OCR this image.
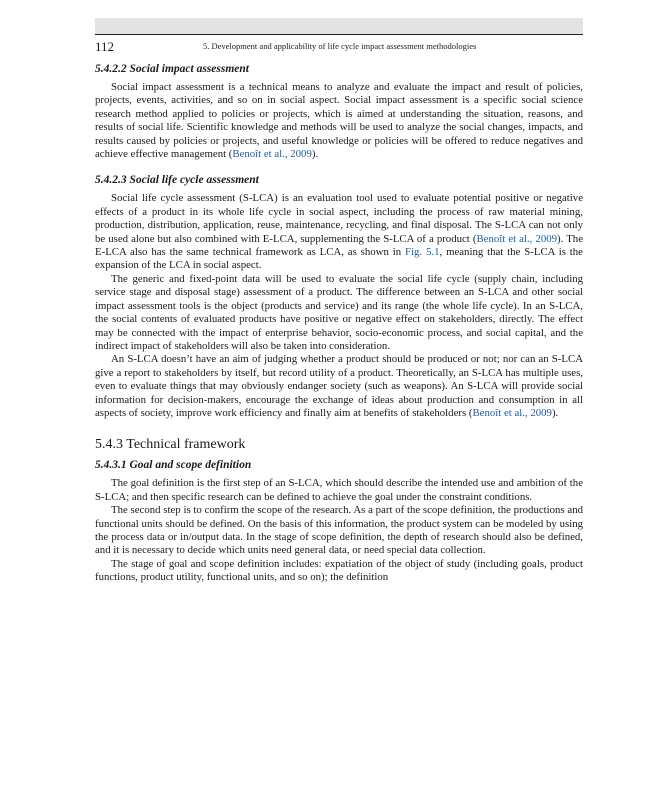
112	5. Development and applicability of life cycle impact assessment methodologies
5.4.2.2 Social impact assessment

Social impact assessment is a technical means to analyze and evaluate the impact and result of policies, projects, events, activities, and so on in social aspect. Social impact assessment is a specific social science research method applied to policies or projects, which is aimed at understanding the situation, reasons, and results of social life. Scientific knowledge and methods will be used to analyze the social changes, impacts, and results caused by policies or projects, and useful knowledge or policies will be offered to reduce negatives and achieve effective management (Benoît et al., 2009).

5.4.2.3 Social life cycle assessment

Social life cycle assessment (S-LCA) is an evaluation tool used to evaluate potential positive or negative effects of a product in its whole life cycle in social aspect, including the process of raw material mining, production, distribution, application, reuse, maintenance, recycling, and final disposal. The S-LCA can not only be used alone but also combined with E-LCA, supplementing the S-LCA of a product (Benoît et al., 2009). The E-LCA also has the same technical framework as LCA, as shown in Fig. 5.1, meaning that the S-LCA is the expansion of the LCA in social aspect.

The generic and fixed-point data will be used to evaluate the social life cycle (supply chain, including service stage and disposal stage) assessment of a product. The difference between an S-LCA and other social impact assessment tools is the object (products and service) and its range (the whole life cycle). In an S-LCA, the social contents of evaluated products have positive or negative effect on stakeholders, directly. The effect may be connected with the impact of enterprise behavior, socio-economic process, and social capital, and the indirect impact of stakeholders will also be taken into consideration.

An S-LCA doesn’t have an aim of judging whether a product should be produced or not; nor can an S-LCA give a report to stakeholders by itself, but record utility of a product. Theoretically, an S-LCA has multiple uses, even to evaluate things that may obviously endanger society (such as weapons). An S-LCA will provide social information for decision-makers, encourage the exchange of ideas about production and consumption in all aspects of society, improve work efficiency and finally aim at benefits of stakeholders (Benoît et al., 2009).

5.4.3 Technical framework
5.4.3.1 Goal and scope definition

The goal definition is the first step of an S-LCA, which should describe the intended use and ambition of the S-LCA; and then specific research can be defined to achieve the goal under the constraint conditions.

The second step is to confirm the scope of the research. As a part of the scope definition, the productions and functional units should be defined. On the basis of this information, the product system can be modeled by using the process data or in/output data. In the stage of scope definition, the depth of research should also be defined, and it is necessary to decide which units need general data, or need special data collection.

The stage of goal and scope definition includes: expatiation of the object of study (including goals, product functions, product utility, functional units, and so on); the definition
